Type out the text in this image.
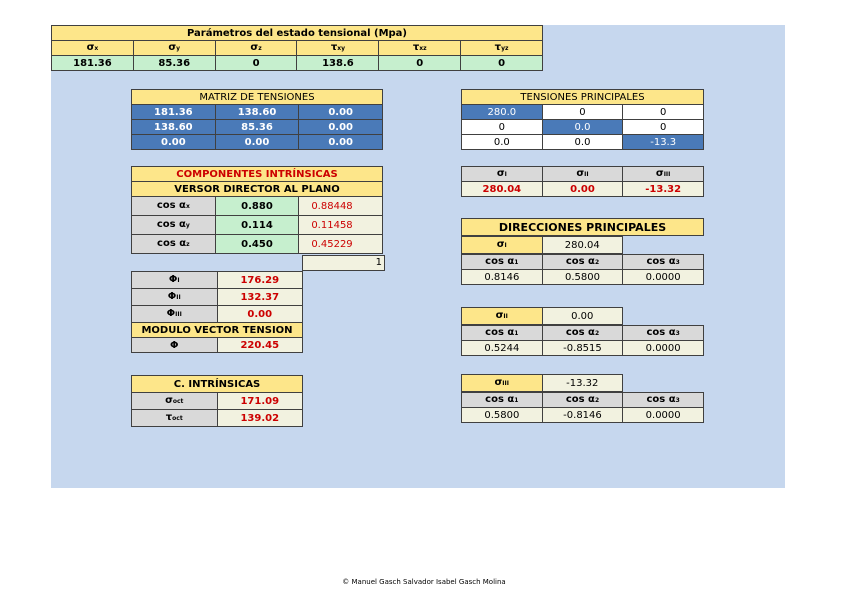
Parámetros del estado tensional (Mpa)					
σx	σy	σz	τxy	τxz	τyz
181.36	85.36	0	138.6	0	0
MATRIZ DE TENSIONES		
181.36	138.60	0.00
138.60	85.36	0.00
0.00	0.00	0.00
TENSIONES PRINCIPALES		
280.0	0	0
0	0.0	0
0.0	0.0	-13.3
σI	σII	σIII
280.04	0.00	-13.32
COMPONENTES INTRÍNSICAS		
VERSOR DIRECTOR AL PLANO		
cos αx	0.880	0.88448
cos αy	0.114	0.11458
cos αz	0.450	0.45229
1
ΦI	176.29
ΦII	132.37
ΦIII	0.00
MODULO VECTOR TENSION	
Φ	220.45
C. INTRÍNSICAS	
σoct	171.09
τoct	139.02
DIRECCIONES PRINCIPALES
σI	280.04
cos α1	cos α2	cos α3
0.8146	0.5800	0.0000
σII	0.00
cos α1	cos α2	cos α3
0.5244	-0.8515	0.0000
σIII	-13.32
cos α1	cos α2	cos α3
0.5800	-0.8146	0.0000
© Manuel Gasch Salvador Isabel Gasch Molina
